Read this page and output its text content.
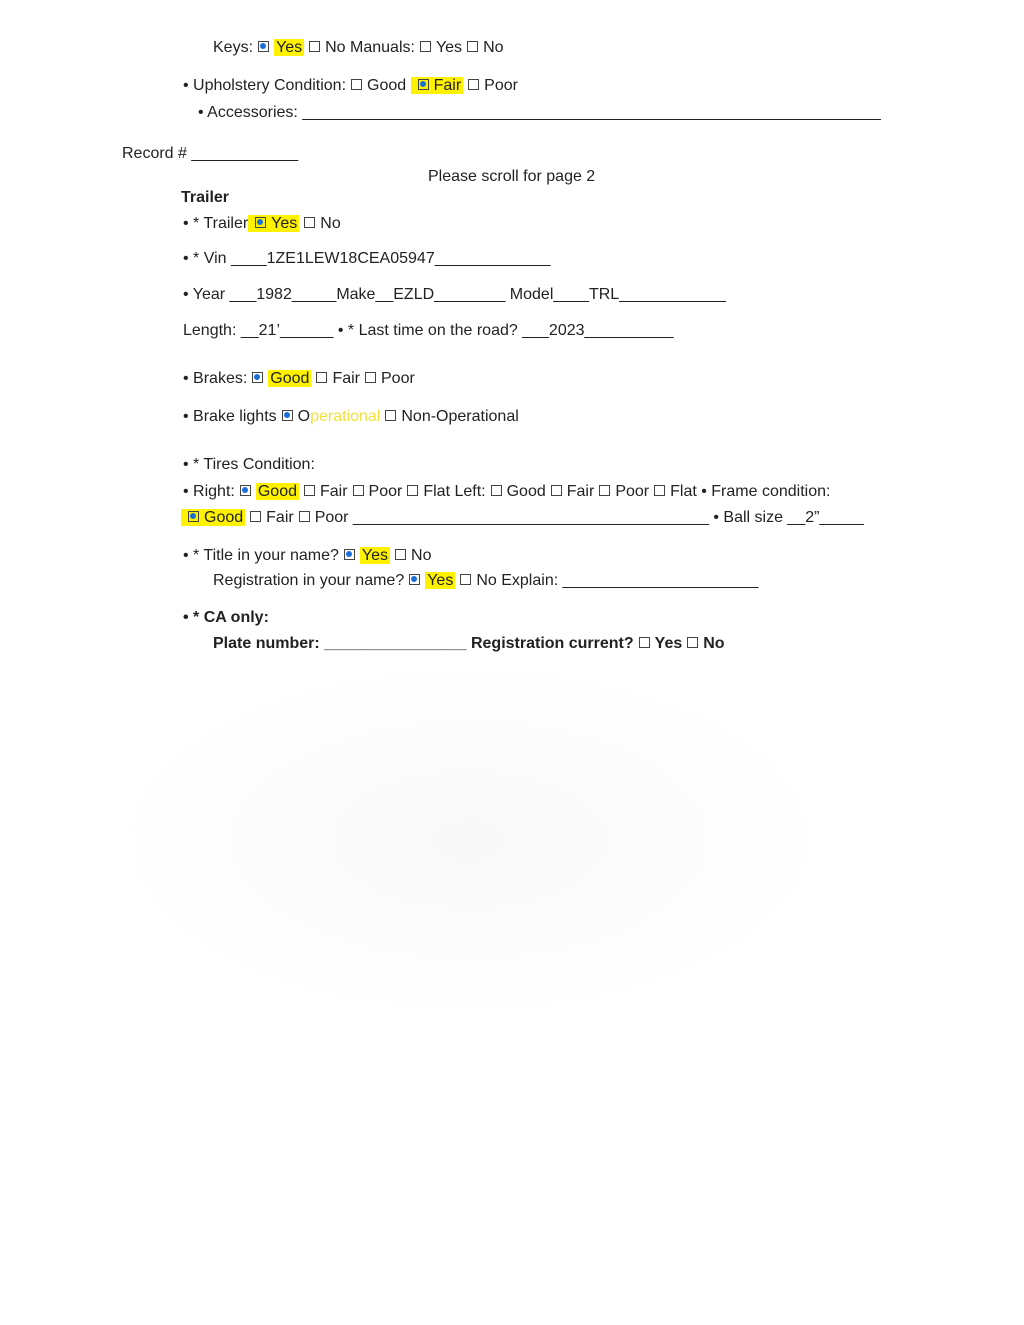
Keys: Yes No Manuals: Yes No
• Upholstery Condition: Good Fair Poor
• Accessories: _________________________________________________________________
Record # ____________
Please scroll for page 2
Trailer
• * Trailer Yes No
• * Vin ____1ZE1LEW18CEA05947_____________
• Year ___1982_____Make__EZLD________ Model____TRL____________
Length: __21’______ • * Last time on the road? ___2023__________
• Brakes: Good Fair Poor
• Brake lights Operational Non-Operational
• * Tires Condition:
• Right: Good Fair Poor Flat Left: Good Fair Poor Flat • Frame condition:
Good Fair Poor ________________________________________ • Ball size __2”_____
• * Title in your name? Yes No
Registration in your name? Yes No Explain: ______________________
• * CA only:
Plate number: ________________ Registration current? Yes No
